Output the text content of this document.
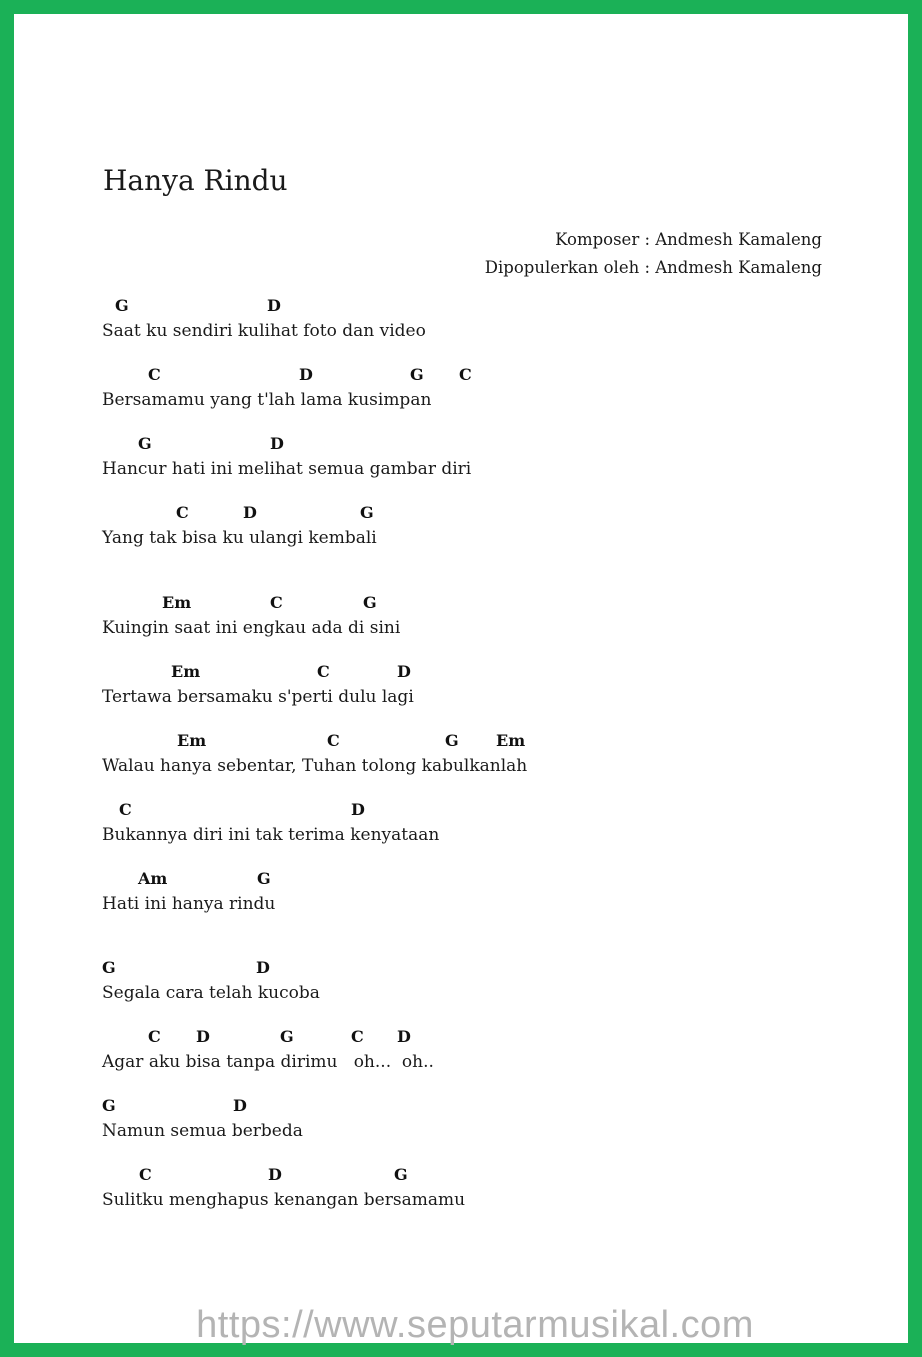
Hanya Rindu
Komposer : Andmesh Kamaleng
Dipopulerkan oleh : Andmesh Kamaleng
G	D
Saat ku sendiri kulihat foto dan video
C	D	G C
Bersamamu yang t'lah lama kusimpan
G	D
Hancur hati ini melihat semua gambar diri
C	D	G
Yang tak bisa ku ulangi kembali
Em	C	G
Kuingin saat ini engkau ada di sini
Em	C	D
Tertawa bersamaku s'perti dulu lagi
Em	C	G Em
Walau hanya sebentar, Tuhan tolong kabulkanlah
C	D
Bukannya diri ini tak terima kenyataan
Am	G
Hati ini hanya rindu
G	D
Segala cara telah kucoba
C D	G	C D
Agar aku bisa tanpa dirimu   oh...  oh..
G	D
Namun semua berbeda
C	D	G
Sulitku menghapus kenangan bersamamu
https://www.seputarmusikal.com
